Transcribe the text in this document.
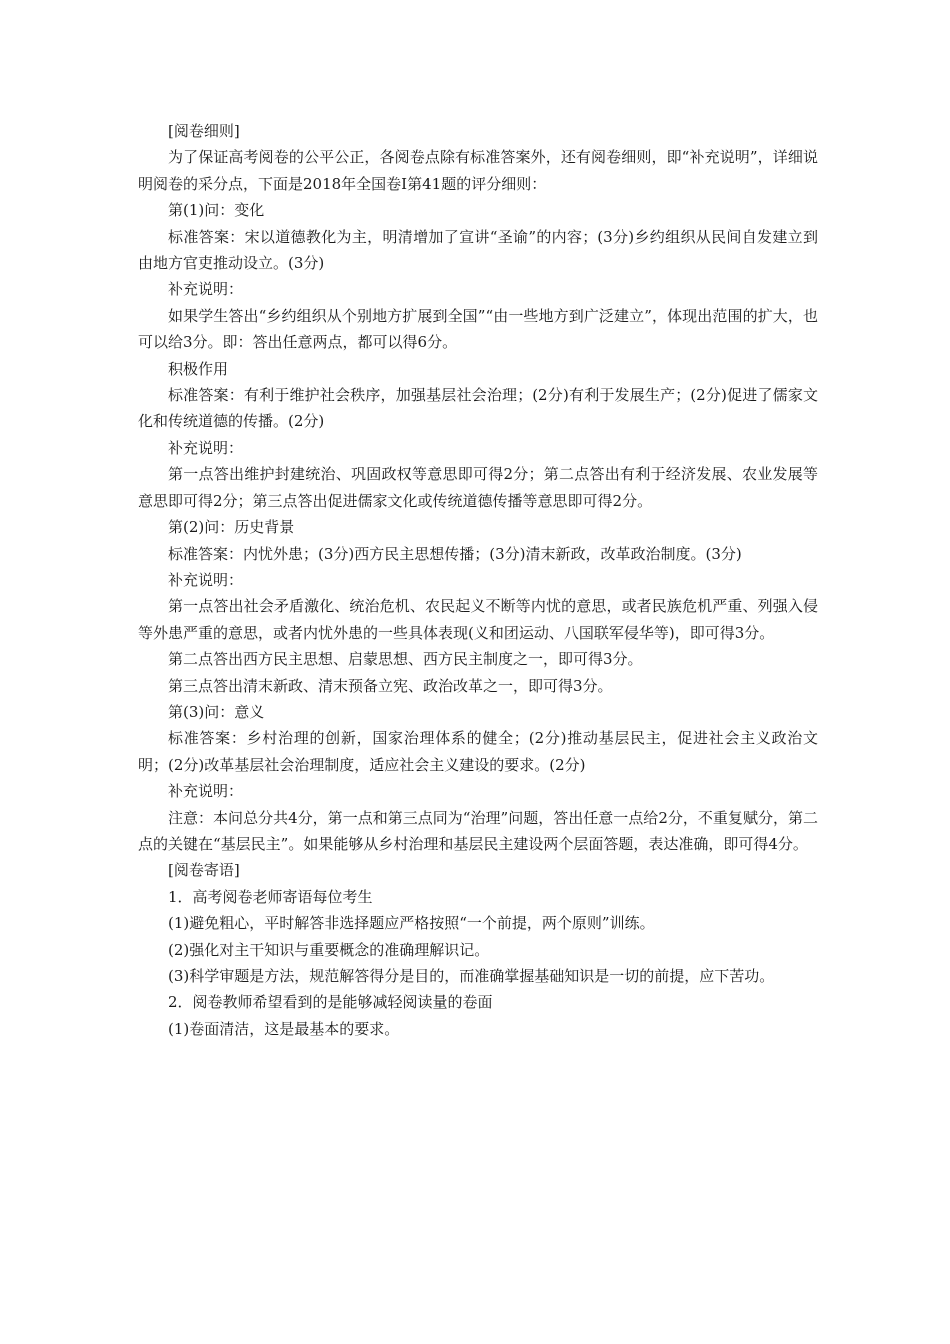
[阅卷细则]

为了保证高考阅卷的公平公正，各阅卷点除有标准答案外，还有阅卷细则，即“补充说明”，详细说明阅卷的采分点，下面是2018年全国卷Ⅰ第41题的评分细则：

第(1)问：变化

标准答案：宋以道德教化为主，明清增加了宣讲“圣谕”的内容；(3分)乡约组织从民间自发建立到由地方官吏推动设立。(3分)

补充说明：

如果学生答出“乡约组织从个别地方扩展到全国”“由一些地方到广泛建立”，体现出范围的扩大，也可以给3分。即：答出任意两点，都可以得6分。

积极作用

标准答案：有利于维护社会秩序，加强基层社会治理；(2分)有利于发展生产；(2分)促进了儒家文化和传统道德的传播。(2分)

补充说明：

第一点答出维护封建统治、巩固政权等意思即可得2分；第二点答出有利于经济发展、农业发展等意思即可得2分；第三点答出促进儒家文化或传统道德传播等意思即可得2分。

第(2)问：历史背景

标准答案：内忧外患；(3分)西方民主思想传播；(3分)清末新政，改革政治制度。(3分)

补充说明：

第一点答出社会矛盾激化、统治危机、农民起义不断等内忧的意思，或者民族危机严重、列强入侵等外患严重的意思，或者内忧外患的一些具体表现(义和团运动、八国联军侵华等)，即可得3分。

第二点答出西方民主思想、启蒙思想、西方民主制度之一，即可得3分。

第三点答出清末新政、清末预备立宪、政治改革之一，即可得3分。

第(3)问：意义

标准答案：乡村治理的创新，国家治理体系的健全；(2分)推动基层民主，促进社会主义政治文明；(2分)改革基层社会治理制度，适应社会主义建设的要求。(2分)

补充说明：

注意：本问总分共4分，第一点和第三点同为“治理”问题，答出任意一点给2分，不重复赋分，第二点的关键在“基层民主”。如果能够从乡村治理和基层民主建设两个层面答题，表达准确，即可得4分。

[阅卷寄语]

1．高考阅卷老师寄语每位考生

(1)避免粗心，平时解答非选择题应严格按照“一个前提，两个原则”训练。

(2)强化对主干知识与重要概念的准确理解识记。

(3)科学审题是方法，规范解答得分是目的，而准确掌握基础知识是一切的前提，应下苦功。

2．阅卷教师希望看到的是能够减轻阅读量的卷面

(1)卷面清洁，这是最基本的要求。
